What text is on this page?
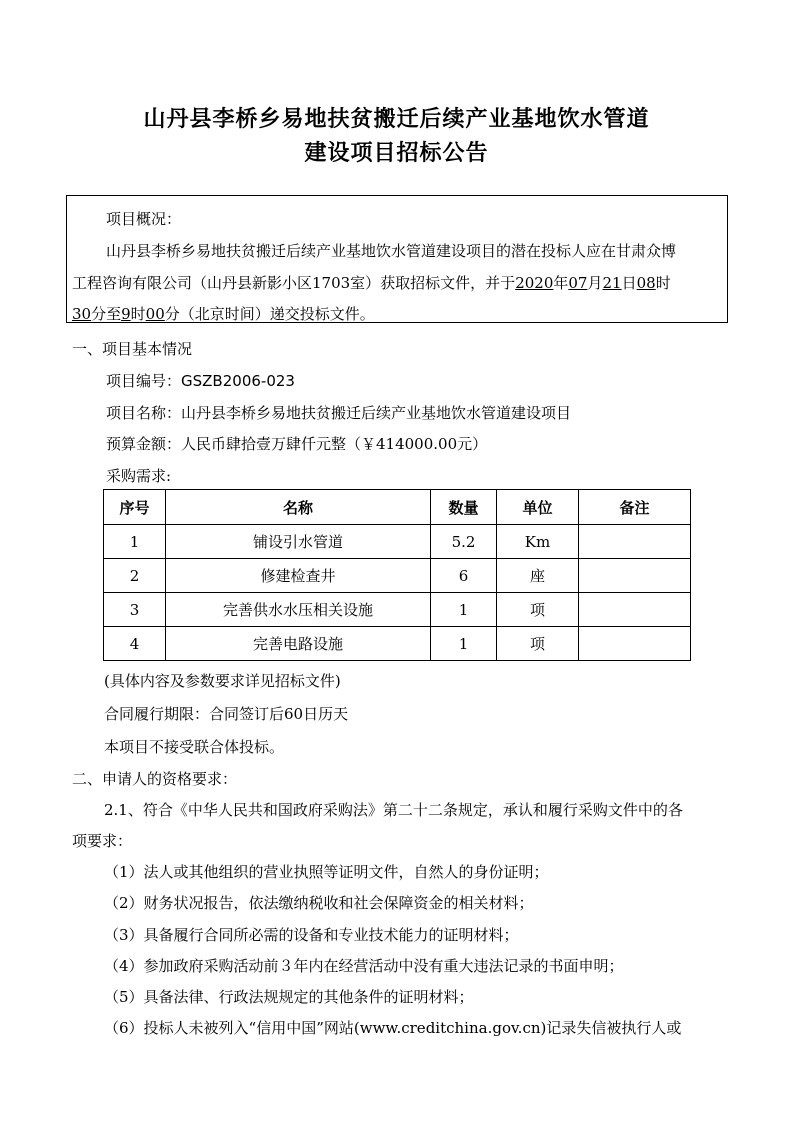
山丹县李桥乡易地扶贫搬迁后续产业基地饮水管道
建设项目招标公告
项目概况：
山丹县李桥乡易地扶贫搬迁后续产业基地饮水管道建设项目的潜在投标人应在甘肃众博
工程咨询有限公司（山丹县新影小区1703室）获取招标文件，并于2020年07月21日08时
30分至9时00分（北京时间）递交投标文件。
一、项目基本情况
项目编号：GSZB2006-023
项目名称：山丹县李桥乡易地扶贫搬迁后续产业基地饮水管道建设项目
预算金额：人民币肆拾壹万肆仟元整（￥414000.00元）
采购需求:
序号	名称	数量	单位	备注
1	铺设引水管道	5.2	Km	
2	修建检查井	6	座	
3	完善供水水压相关设施	1	项	
4	完善电路设施	1	项	
(具体内容及参数要求详见招标文件)
合同履行期限：合同签订后60日历天
本项目不接受联合体投标。
二、申请人的资格要求：
2.1、符合《中华人民共和国政府采购法》第二十二条规定，承认和履行采购文件中的各
项要求：
（1）法人或其他组织的营业执照等证明文件，自然人的身份证明；
（2）财务状况报告，依法缴纳税收和社会保障资金的相关材料；
（3）具备履行合同所必需的设备和专业技术能力的证明材料；
（4）参加政府采购活动前３年内在经营活动中没有重大违法记录的书面申明；
（5）具备法律、行政法规规定的其他条件的证明材料；
（6）投标人未被列入“信用中国”网站(www.creditchina.gov.cn)记录失信被执行人或
